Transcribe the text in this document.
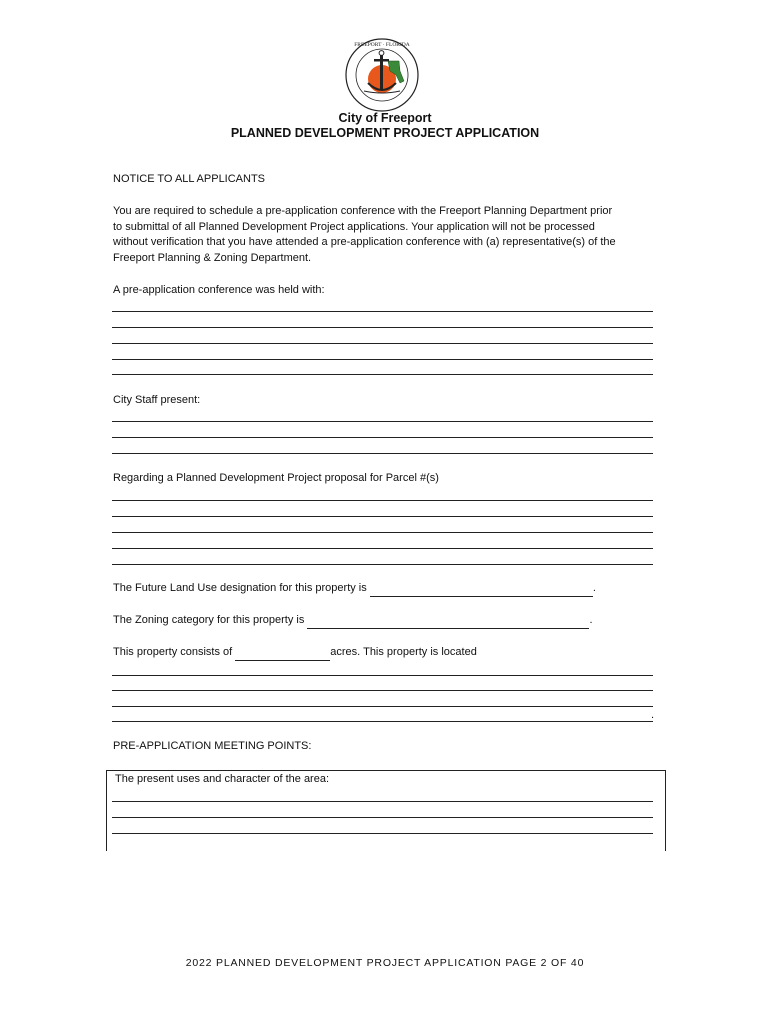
FREEPORT · FLORIDA
City of Freeport
PLANNED DEVELOPMENT PROJECT APPLICATION
NOTICE TO ALL APPLICANTS
You are required to schedule a pre-application conference with the Freeport Planning Department prior
to submittal of all Planned Development Project applications. Your application will not be processed
without verification that you have attended a pre-application conference with (a) representative(s) of the
Freeport Planning & Zoning Department.
A pre-application conference was held with:
City Staff present:
Regarding a Planned Development Project proposal for Parcel #(s)
The Future Land Use designation for this property is	.
The Zoning category for this property is	.
This property consists of	acres. This property is located
.
PRE-APPLICATION MEETING POINTS:
The present uses and character of the area:
2022 PLANNED DEVELOPMENT PROJECT APPLICATION PAGE 2 OF 40
